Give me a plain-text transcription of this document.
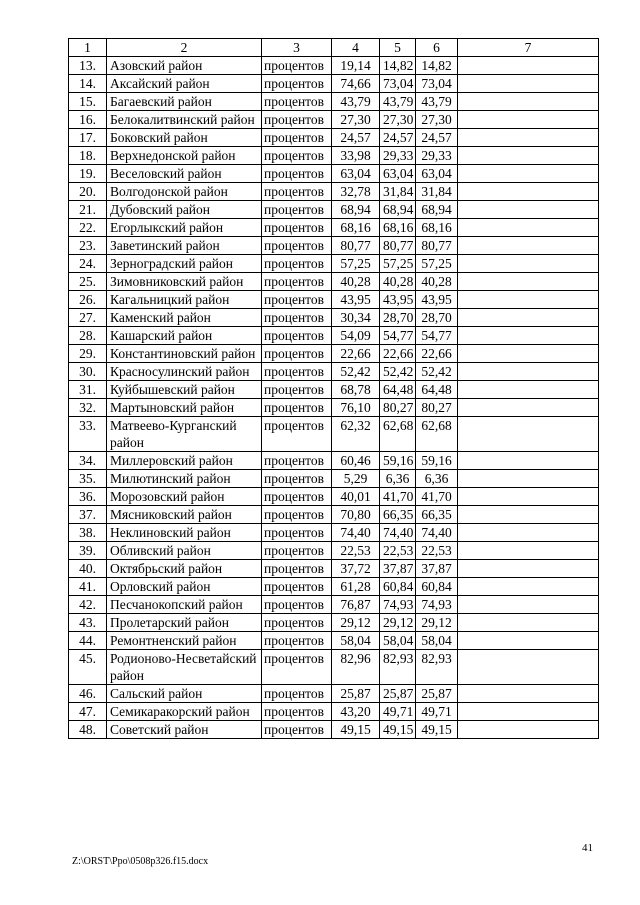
1	2	3	4	5	6	7
13.	Азовский район	процентов	19,14	14,82	14,82	
14.	Аксайский район	процентов	74,66	73,04	73,04	
15.	Багаевский район	процентов	43,79	43,79	43,79	
16.	Белокалитвинский район	процентов	27,30	27,30	27,30	
17.	Боковский район	процентов	24,57	24,57	24,57	
18.	Верхнедонской район	процентов	33,98	29,33	29,33	
19.	Веселовский район	процентов	63,04	63,04	63,04	
20.	Волгодонской район	процентов	32,78	31,84	31,84	
21.	Дубовский район	процентов	68,94	68,94	68,94	
22.	Егорлыкский район	процентов	68,16	68,16	68,16	
23.	Заветинский район	процентов	80,77	80,77	80,77	
24.	Зерноградский район	процентов	57,25	57,25	57,25	
25.	Зимовниковский район	процентов	40,28	40,28	40,28	
26.	Кагальницкий район	процентов	43,95	43,95	43,95	
27.	Каменский район	процентов	30,34	28,70	28,70	
28.	Кашарский район	процентов	54,09	54,77	54,77	
29.	Константиновский район	процентов	22,66	22,66	22,66	
30.	Красносулинский район	процентов	52,42	52,42	52,42	
31.	Куйбышевский район	процентов	68,78	64,48	64,48	
32.	Мартыновский район	процентов	76,10	80,27	80,27	
33.	Матвеево-Курганский район	процентов	62,32	62,68	62,68	
34.	Миллеровский район	процентов	60,46	59,16	59,16	
35.	Милютинский район	процентов	5,29	6,36	6,36	
36.	Морозовский район	процентов	40,01	41,70	41,70	
37.	Мясниковский район	процентов	70,80	66,35	66,35	
38.	Неклиновский район	процентов	74,40	74,40	74,40	
39.	Обливский район	процентов	22,53	22,53	22,53	
40.	Октябрьский район	процентов	37,72	37,87	37,87	
41.	Орловский район	процентов	61,28	60,84	60,84	
42.	Песчанокопский район	процентов	76,87	74,93	74,93	
43.	Пролетарский район	процентов	29,12	29,12	29,12	
44.	Ремонтненский район	процентов	58,04	58,04	58,04	
45.	Родионово-Несветайский район	процентов	82,96	82,93	82,93	
46.	Сальский район	процентов	25,87	25,87	25,87	
47.	Семикаракорский район	процентов	43,20	49,71	49,71	
48.	Советский район	процентов	49,15	49,15	49,15	
41
Z:\ORST\Ppo\0508p326.f15.docx
